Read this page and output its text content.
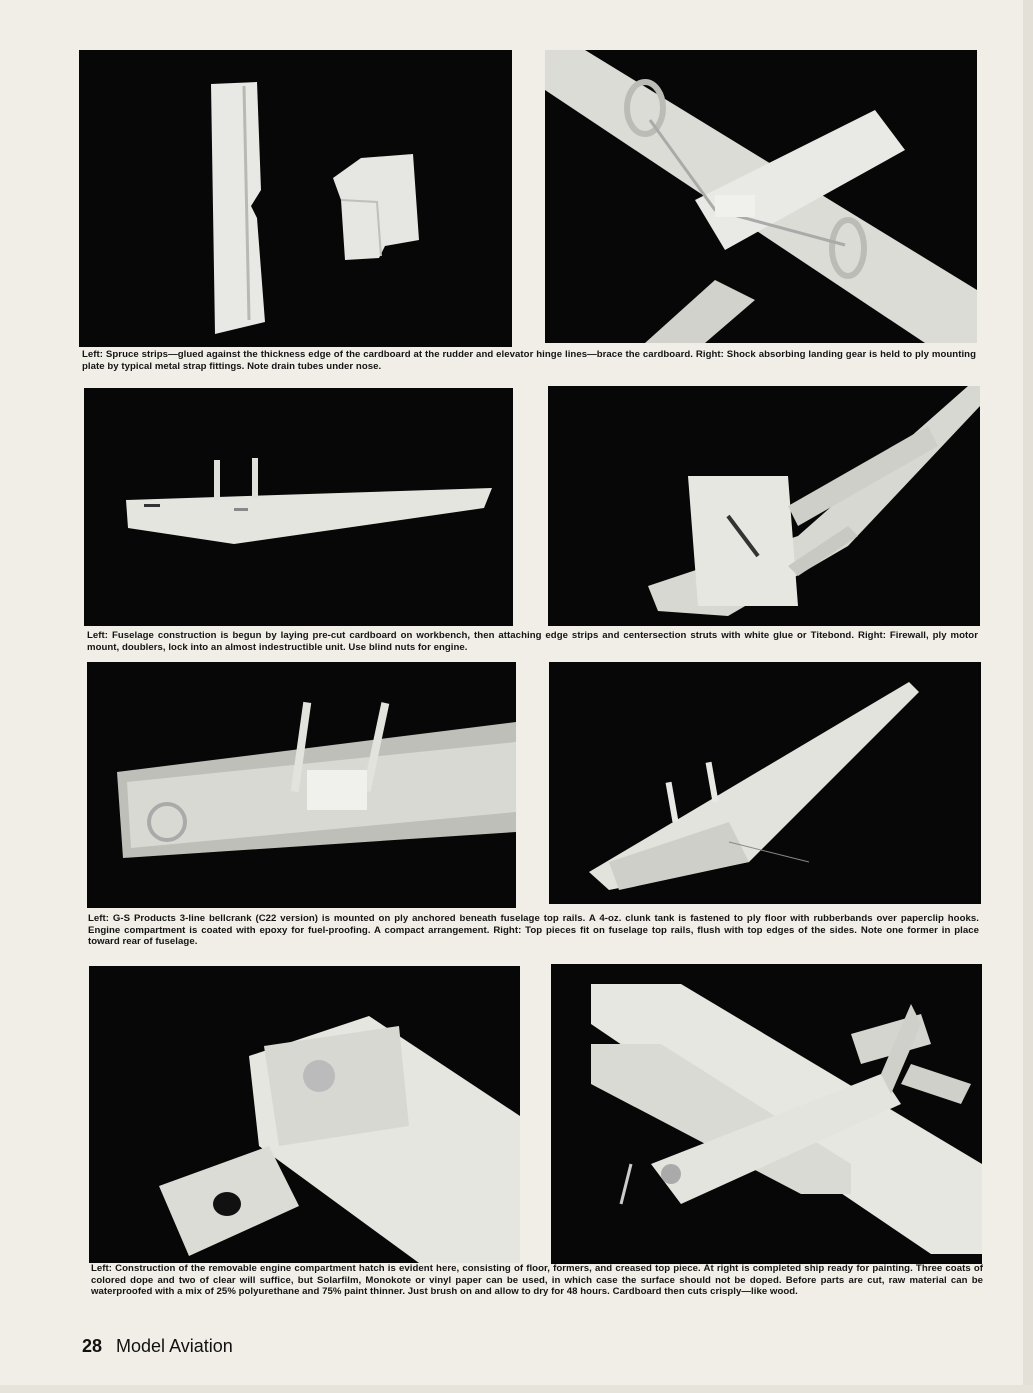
Left: Spruce strips—glued against the thickness edge of the cardboard at the rudder and elevator hinge lines—brace the cardboard. Right: Shock absorbing landing gear is held to ply mounting plate by typical metal strap fittings. Note drain tubes under nose.
Left: Fuselage construction is begun by laying pre-cut cardboard on workbench, then attaching edge strips and centersection struts with white glue or Titebond. Right: Firewall, ply motor mount, doublers, lock into an almost indestructible unit. Use blind nuts for engine.
Left: G-S Products 3-line bellcrank (C22 version) is mounted on ply anchored beneath fuselage top rails. A 4-oz. clunk tank is fastened to ply floor with rubberbands over paperclip hooks. Engine compartment is coated with epoxy for fuel-proofing. A compact arrangement. Right: Top pieces fit on fuselage top rails, flush with top edges of the sides. Note one former in place toward rear of fuselage.
Left: Construction of the removable engine compartment hatch is evident here, consisting of floor, formers, and creased top piece. At right is completed ship ready for painting. Three coats of colored dope and two of clear will suffice, but Solarfilm, Monokote or vinyl paper can be used, in which case the surface should not be doped. Before parts are cut, raw material can be waterproofed with a mix of 25% polyurethane and 75% paint thinner. Just brush on and allow to dry for 48 hours. Cardboard then cuts crisply—like wood.
28 Model Aviation
